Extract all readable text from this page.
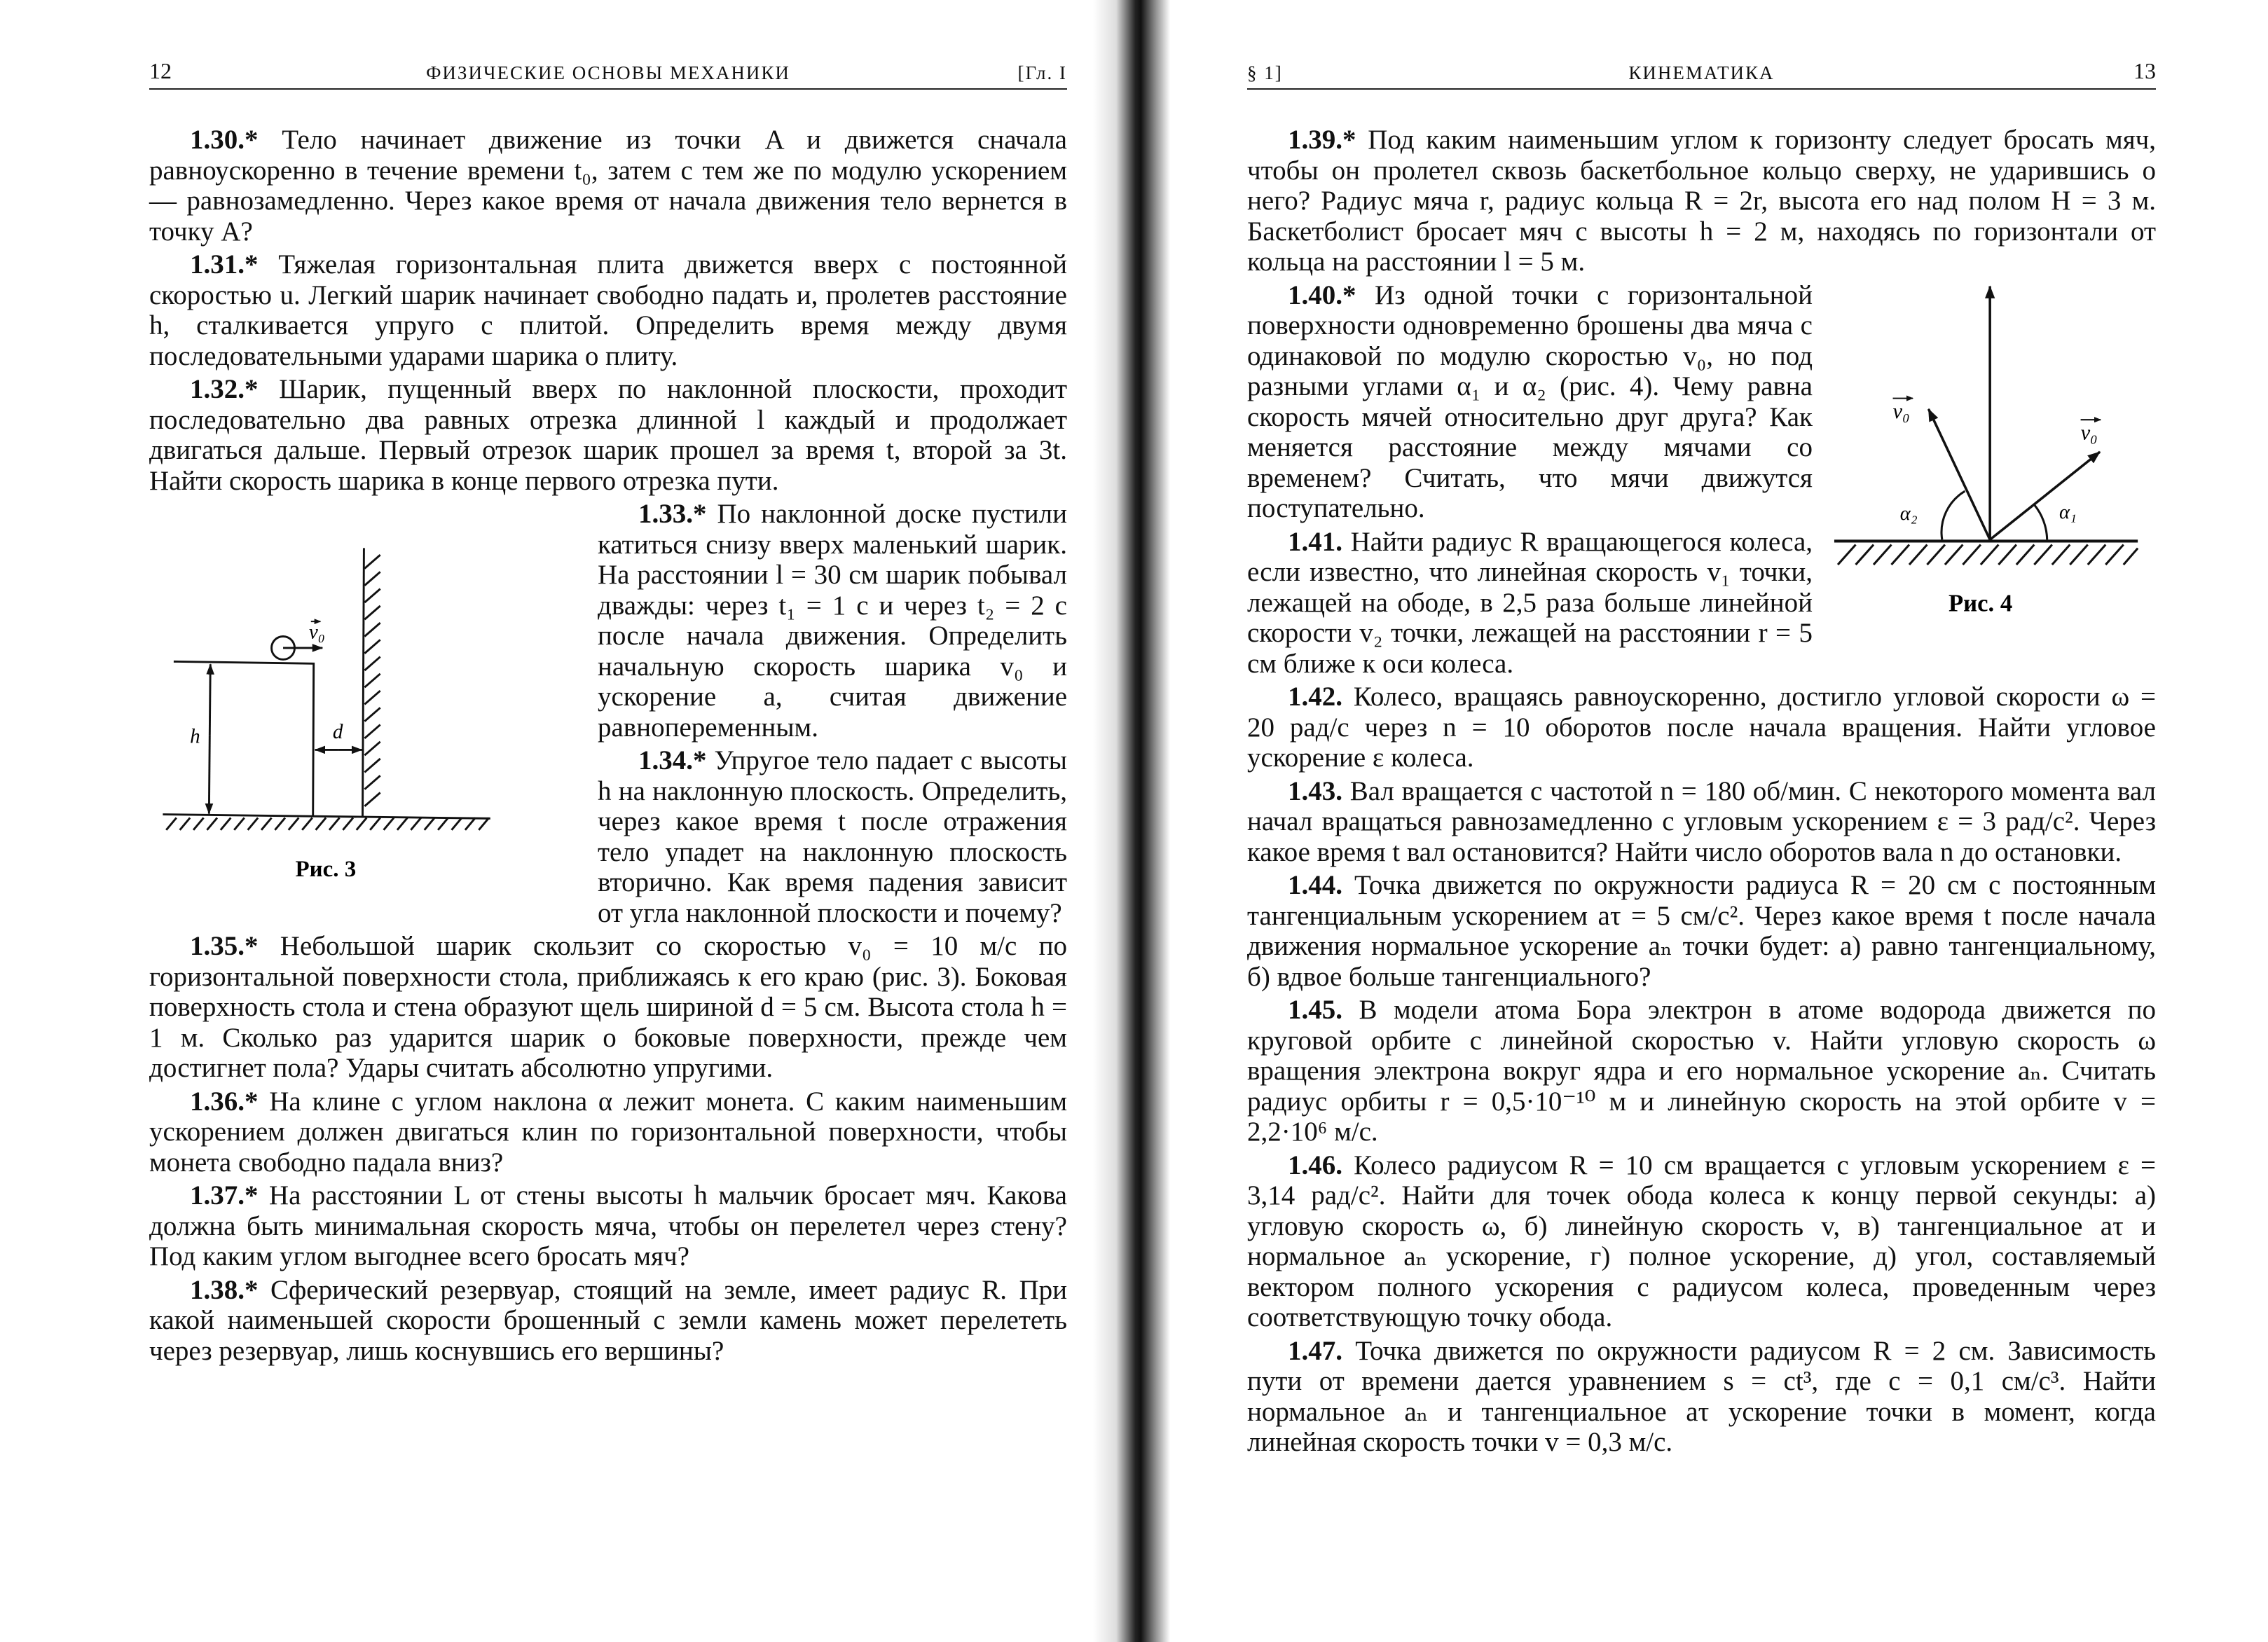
12	ФИЗИЧЕСКИЕ ОСНОВЫ МЕХАНИКИ	[Гл. I
v₀
h	d
Рис. 3

1.30.* Тело начинает движение из точки A и движется сначала равноускоренно в течение времени t₀, затем с тем же по модулю ускорением — равнозамедленно. Через какое время от начала движения тело вернется в точку A?

1.31.* Тяжелая горизонтальная плита движется вверх с постоянной скоростью u. Легкий шарик начинает свободно падать и, пролетев расстояние h, сталкивается упруго с плитой. Определить время между двумя последовательными ударами шарика о плиту.

1.32.* Шарик, пущенный вверх по наклонной плоскости, проходит последовательно два равных отрезка длинной l каждый и продолжает двигаться дальше. Первый отрезок шарик прошел за время t, второй за 3t. Найти скорость шарика в конце первого отрезка пути.

1.33.* По наклонной доске пустили катиться снизу вверх маленький шарик. На расстоянии l = 30 см шарик побывал дважды: через t₁ = 1 с и через t₂ = 2 с после начала движения. Определить начальную скорость шарика v₀ и ускорение a, считая движение равнопеременным.

1.34.* Упругое тело падает с высоты h на наклонную плоскость. Определить, через какое время t после отражения тело упадет на наклонную плоскость вторично. Как время падения зависит от угла наклонной плоскости и почему?

1.35.* Небольшой шарик скользит со скоростью v₀ = 10 м/с по горизонтальной поверхности стола, приближаясь к его краю (рис. 3). Боковая поверхность стола и стена образуют щель шириной d = 5 см. Высота стола h = 1 м. Сколько раз ударится шарик о боковые поверхности, прежде чем достигнет пола? Удары считать абсолютно упругими.

1.36.* На клине с углом наклона α лежит монета. С каким наименьшим ускорением должен двигаться клин по горизонтальной поверхности, чтобы монета свободно падала вниз?

1.37.* На расстоянии L от стены высоты h мальчик бросает мяч. Какова должна быть минимальная скорость мяча, чтобы он перелетел через стену? Под каким углом выгоднее всего бросать мяч?

1.38.* Сферический резервуар, стоящий на земле, имеет радиус R. При какой наименьшей скорости брошенный с земли камень может перелететь через резервуар, лишь коснувшись его вершины?

§ 1]	КИНЕМАТИКА	13
v₀
v₀
α₂	α₁
Рис. 4

1.39.* Под каким наименьшим углом к горизонту следует бросать мяч, чтобы он пролетел сквозь баскетбольное кольцо сверху, не ударившись о него? Радиус мяча r, радиус кольца R = 2r, высота его над полом H = 3 м. Баскетболист бросает мяч с высоты h = 2 м, находясь по горизонтали от кольца на расстоянии l = 5 м.

1.40.* Из одной точки с горизонтальной поверхности одновременно брошены два мяча с одинаковой по модулю скоростью v₀, но под разными углами α₁ и α₂ (рис. 4). Чему равна скорость мячей относительно друг друга? Как меняется расстояние между мячами со временем? Считать, что мячи движутся поступательно.

1.41. Найти радиус R вращающегося колеса, если известно, что линейная скорость v₁ точки, лежащей на ободе, в 2,5 раза больше линейной скорости v₂ точки, лежащей на расстоянии r = 5 см ближе к оси колеса.

1.42. Колесо, вращаясь равноускоренно, достигло угловой скорости ω = 20 рад/с через n = 10 оборотов после начала вращения. Найти угловое ускорение ε колеса.

1.43. Вал вращается с частотой n = 180 об/мин. С некоторого момента вал начал вращаться равнозамедленно с угловым ускорением ε = 3 рад/с². Через какое время t вал остановится? Найти число оборотов вала n до остановки.

1.44. Точка движется по окружности радиуса R = 20 см с постоянным тангенциальным ускорением aτ = 5 см/с². Через какое время t после начала движения нормальное ускорение aₙ точки будет: а) равно тангенциальному, б) вдвое больше тангенциального?

1.45. В модели атома Бора электрон в атоме водорода движется по круговой орбите с линейной скоростью v. Найти угловую скорость ω вращения электрона вокруг ядра и его нормальное ускорение aₙ. Считать радиус орбиты r = 0,5·10⁻¹⁰ м и линейную скорость на этой орбите v = 2,2·10⁶ м/с.

1.46. Колесо радиусом R = 10 см вращается с угловым ускорением ε = 3,14 рад/с². Найти для точек обода колеса к концу первой секунды: а) угловую скорость ω, б) линейную скорость v, в) тангенциальное aτ и нормальное aₙ ускорение, г) полное ускорение, д) угол, составляемый вектором полного ускорения с радиусом колеса, проведенным через соответствующую точку обода.

1.47. Точка движется по окружности радиусом R = 2 см. Зависимость пути от времени дается уравнением s = ct³, где c = 0,1 см/c³. Найти нормальное aₙ и тангенциальное aτ ускорение точки в момент, когда линейная скорость точки v = 0,3 м/с.
